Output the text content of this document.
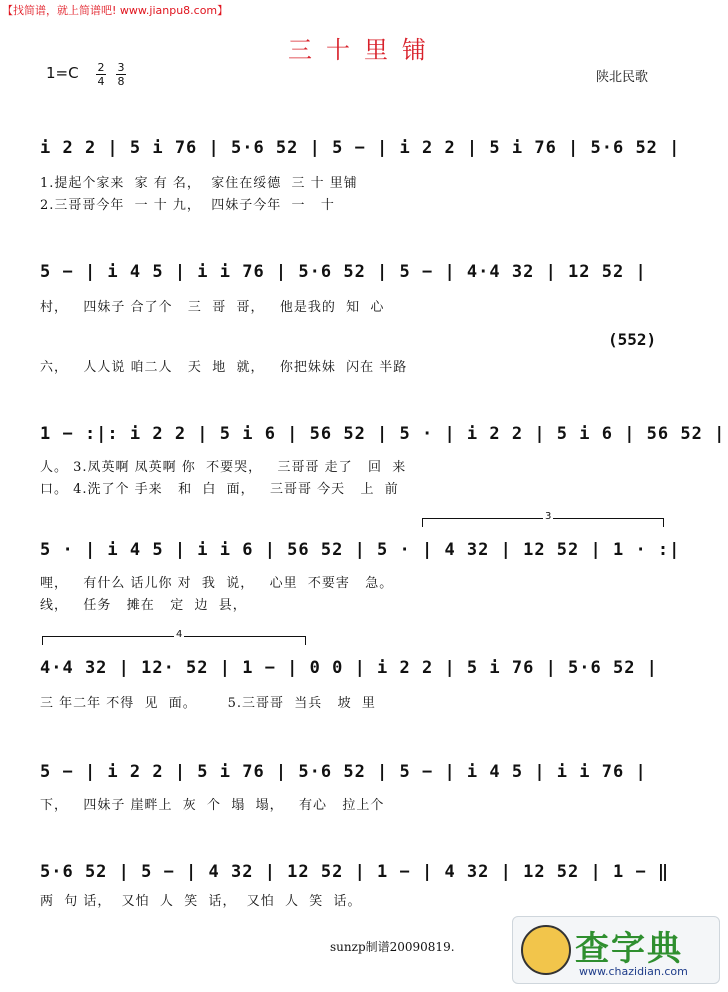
【找简谱，就上简谱吧! www.jianpu8.com】
三十里铺
1=C 2
4
3
8	陕北民歌
i 2 2 | 5 i 76 | 5·6 52 | 5 − | i 2 2 | 5 i 76 | 5·6 52 |
1.提起个家来  家 有 名，  家住在绥德  三 十 里铺
2.三哥哥今年  一 十 九，  四妹子今年  一   十
5 − | i 4 5 | i i 76 | 5·6 52 | 5 − | 4·4 32 | 12 52 |
村，   四妹子 合了个   三  哥  哥，   他是我的  知  心
(552)
六，   人人说 咱二人   天  地  就，   你把妹妹  闪在 半路
1 − :|: i 2 2 | 5 i 6 | 56 52 | 5 · | i 2 2 | 5 i 6 | 56 52 |
人。 3.凤英啊 凤英啊 你  不要哭，   三哥哥 走了   回  来
口。 4.洗了个 手来   和  白  面，   三哥哥 今天   上  前
3
5 · | i 4 5 | i i 6 | 56 52 | 5 · | 4 32 | 12 52 | 1 · :|
哩，   有什么 话儿你 对  我  说，   心里  不要害   急。
线，   任务   摊在   定  边  县，
4
4·4 32 | 12· 52 | 1 − | 0 0 | i 2 2 | 5 i 76 | 5·6 52 |
三 年二年 不得  见  面。      5.三哥哥  当兵   坡  里
5 − | i 2 2 | 5 i 76 | 5·6 52 | 5 − | i 4 5 | i i 76 |
下，   四妹子 崖畔上  灰  个  塌  塌，   有心   拉上个
5·6 52 | 5 − | 4 32 | 12 52 | 1 − | 4 32 | 12 52 | 1 − ‖
两  句 话，  又怕  人  笑  话，  又怕  人  笑  话。
sunzp制谱20090819.	查字典
www.chazidian.com
